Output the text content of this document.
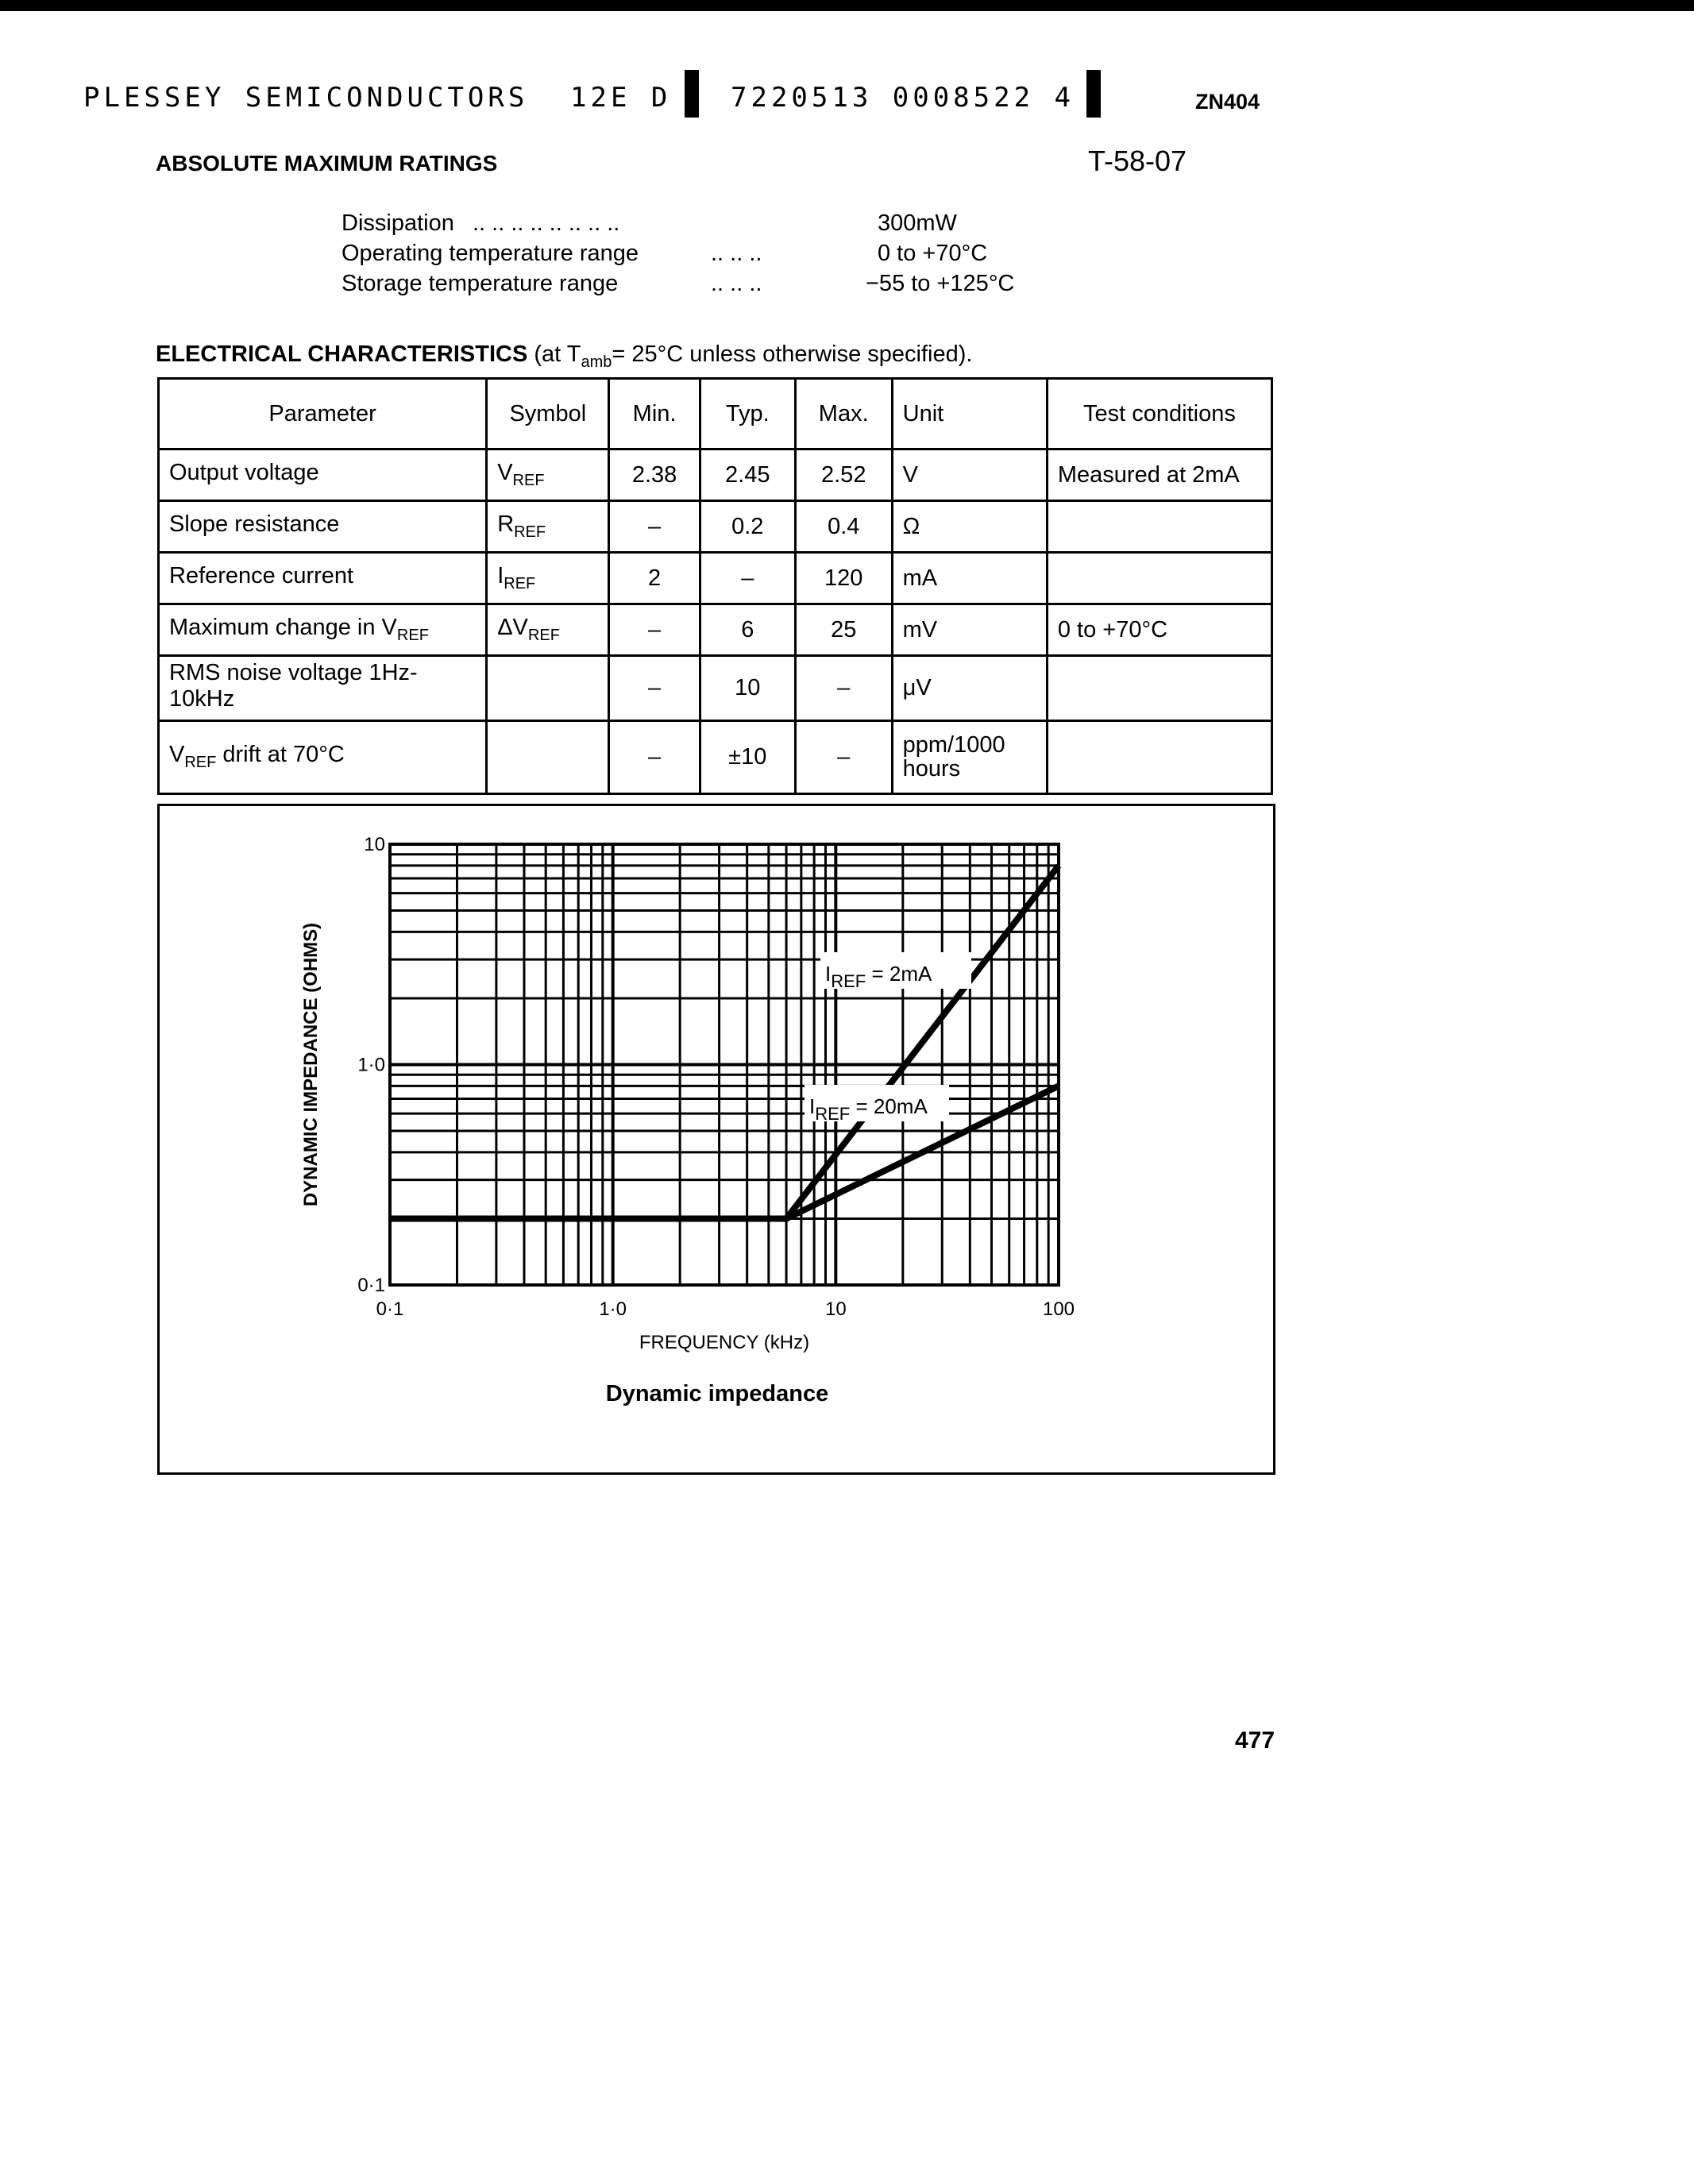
PLESSEY SEMICONDUCTORS 12E D 7220513 0008522 4	ZN404
ABSOLUTE MAXIMUM RATINGS	T-58-07
Dissipation .. .. .. .. .. .. .. ..	300mW
Operating temperature range	.. .. ..	0 to +70°C
Storage temperature range	.. .. ..	−55 to +125°C
ELECTRICAL CHARACTERISTICS (at $T_{amb}= 25^\circ C$ unless otherwise specified).
Parameter	Symbol	Min.	Typ.	Max.	Unit	Test conditions
Output voltage	$V_{REF}$	2.38	2.45	2.52	V	Measured at 2mA
Slope resistance	$R_{REF}$	–	0.2	0.4	Ω	
Reference current	$I_{REF}$	2	–	120	mA	
Maximum change in $V_{REF}$	$\Delta V_{REF}$	–	6	25	mV	0 to +70°C
RMS noise voltage 1Hz-10kHz		–	10	–	μV	
$V_{REF}$ drift at 70°C		–	±10	–	ppm/1000 hours	
$I_{REF} = 2mA$
$I_{REF} = 20mA$
0·1	1·0	10	100
0·1
1·0
10
FREQUENCY (kHz)
DYNAMIC IMPEDANCE (OHMS)
Dynamic impedance
477
